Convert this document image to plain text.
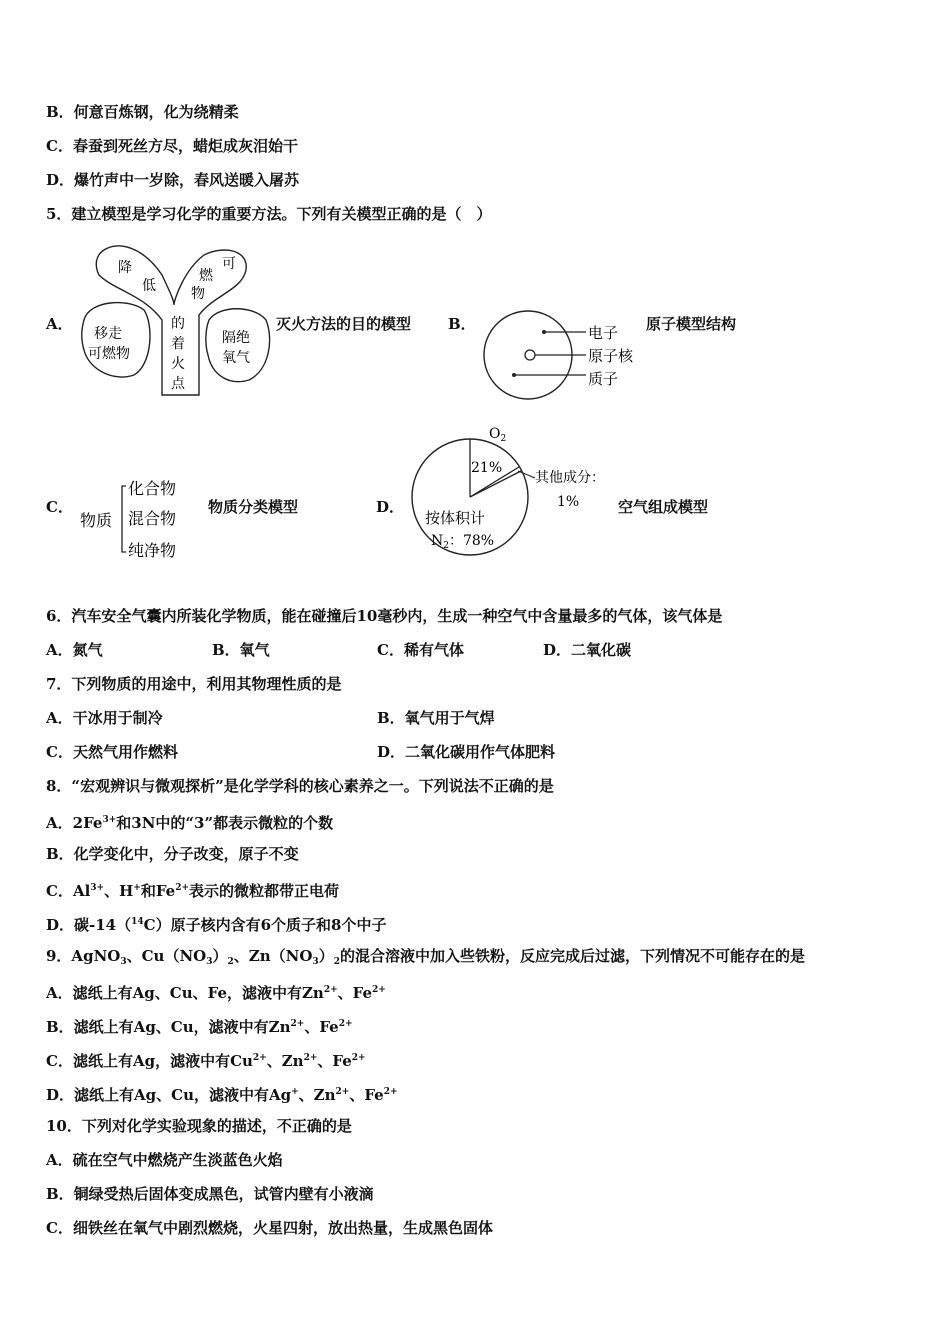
B．何意百炼钢，化为绕精柔
C．春蚕到死丝方尽，蜡炬成灰泪始干
D．爆竹声中一岁除，春风送暖入屠苏
5．建立模型是学习化学的重要方法。下列有关模型正确的是（　）
A．
降
低
可
燃
物
的
着
火
点
移走
可燃物
隔绝
氧气
灭火方法的目的模型 B．	电子
原子核
质子
原子模型结构
C．
物质
化合物
混合物
纯净物
物质分类模型	D．
$O_2$
21%
其他成分：
1%
按体积计
$N_2$：78%
空气组成模型
6．汽车安全气囊内所装化学物质，能在碰撞后10毫秒内，生成一种空气中含量最多的气体，该气体是
A．氮气	B．氧气	C．稀有气体	D．二氧化碳
7．下列物质的用途中，利用其物理性质的是
A．干冰用于制冷	B．氧气用于气焊
C．天然气用作燃料	D．二氧化碳用作气体肥料
8．“宏观辨识与微观探析”是化学学科的核心素养之一。下列说法不正确的是
A．$2Fe^{3+}$和3N中的“3”都表示微粒的个数
B．化学变化中，分子改变，原子不变
C．$Al^{3+}$、H+和$Fe^{2+}$表示的微粒都带正电荷
D．碳-14（$^{14}$C）原子核内含有6个质子和8个中子
9．AgNO$_3$、$Cu(NO_3)_2$、$Zn(NO_3)_2$的混合溶液中加入些铁粉，反应完成后过滤，下列情况不可能存在的是
A．滤纸上有Ag、Cu、Fe，滤液中有$Zn^{2+}$、$Fe^{2+}$
B．滤纸上有Ag、Cu，滤液中有$Zn^{2+}$、$Fe^{2+}$
C．滤纸上有Ag，滤液中有$Cu^{2+}$、$Zn^{2+}$、$Fe^{2+}$
D．滤纸上有Ag、Cu，滤液中有Ag+、$Zn^{2+}$、$Fe^{2+}$
10．下列对化学实验现象的描述，不正确的是
A．硫在空气中燃烧产生淡蓝色火焰
B．铜绿受热后固体变成黑色，试管内壁有小液滴
C．细铁丝在氧气中剧烈燃烧，火星四射，放出热量，生成黑色固体
